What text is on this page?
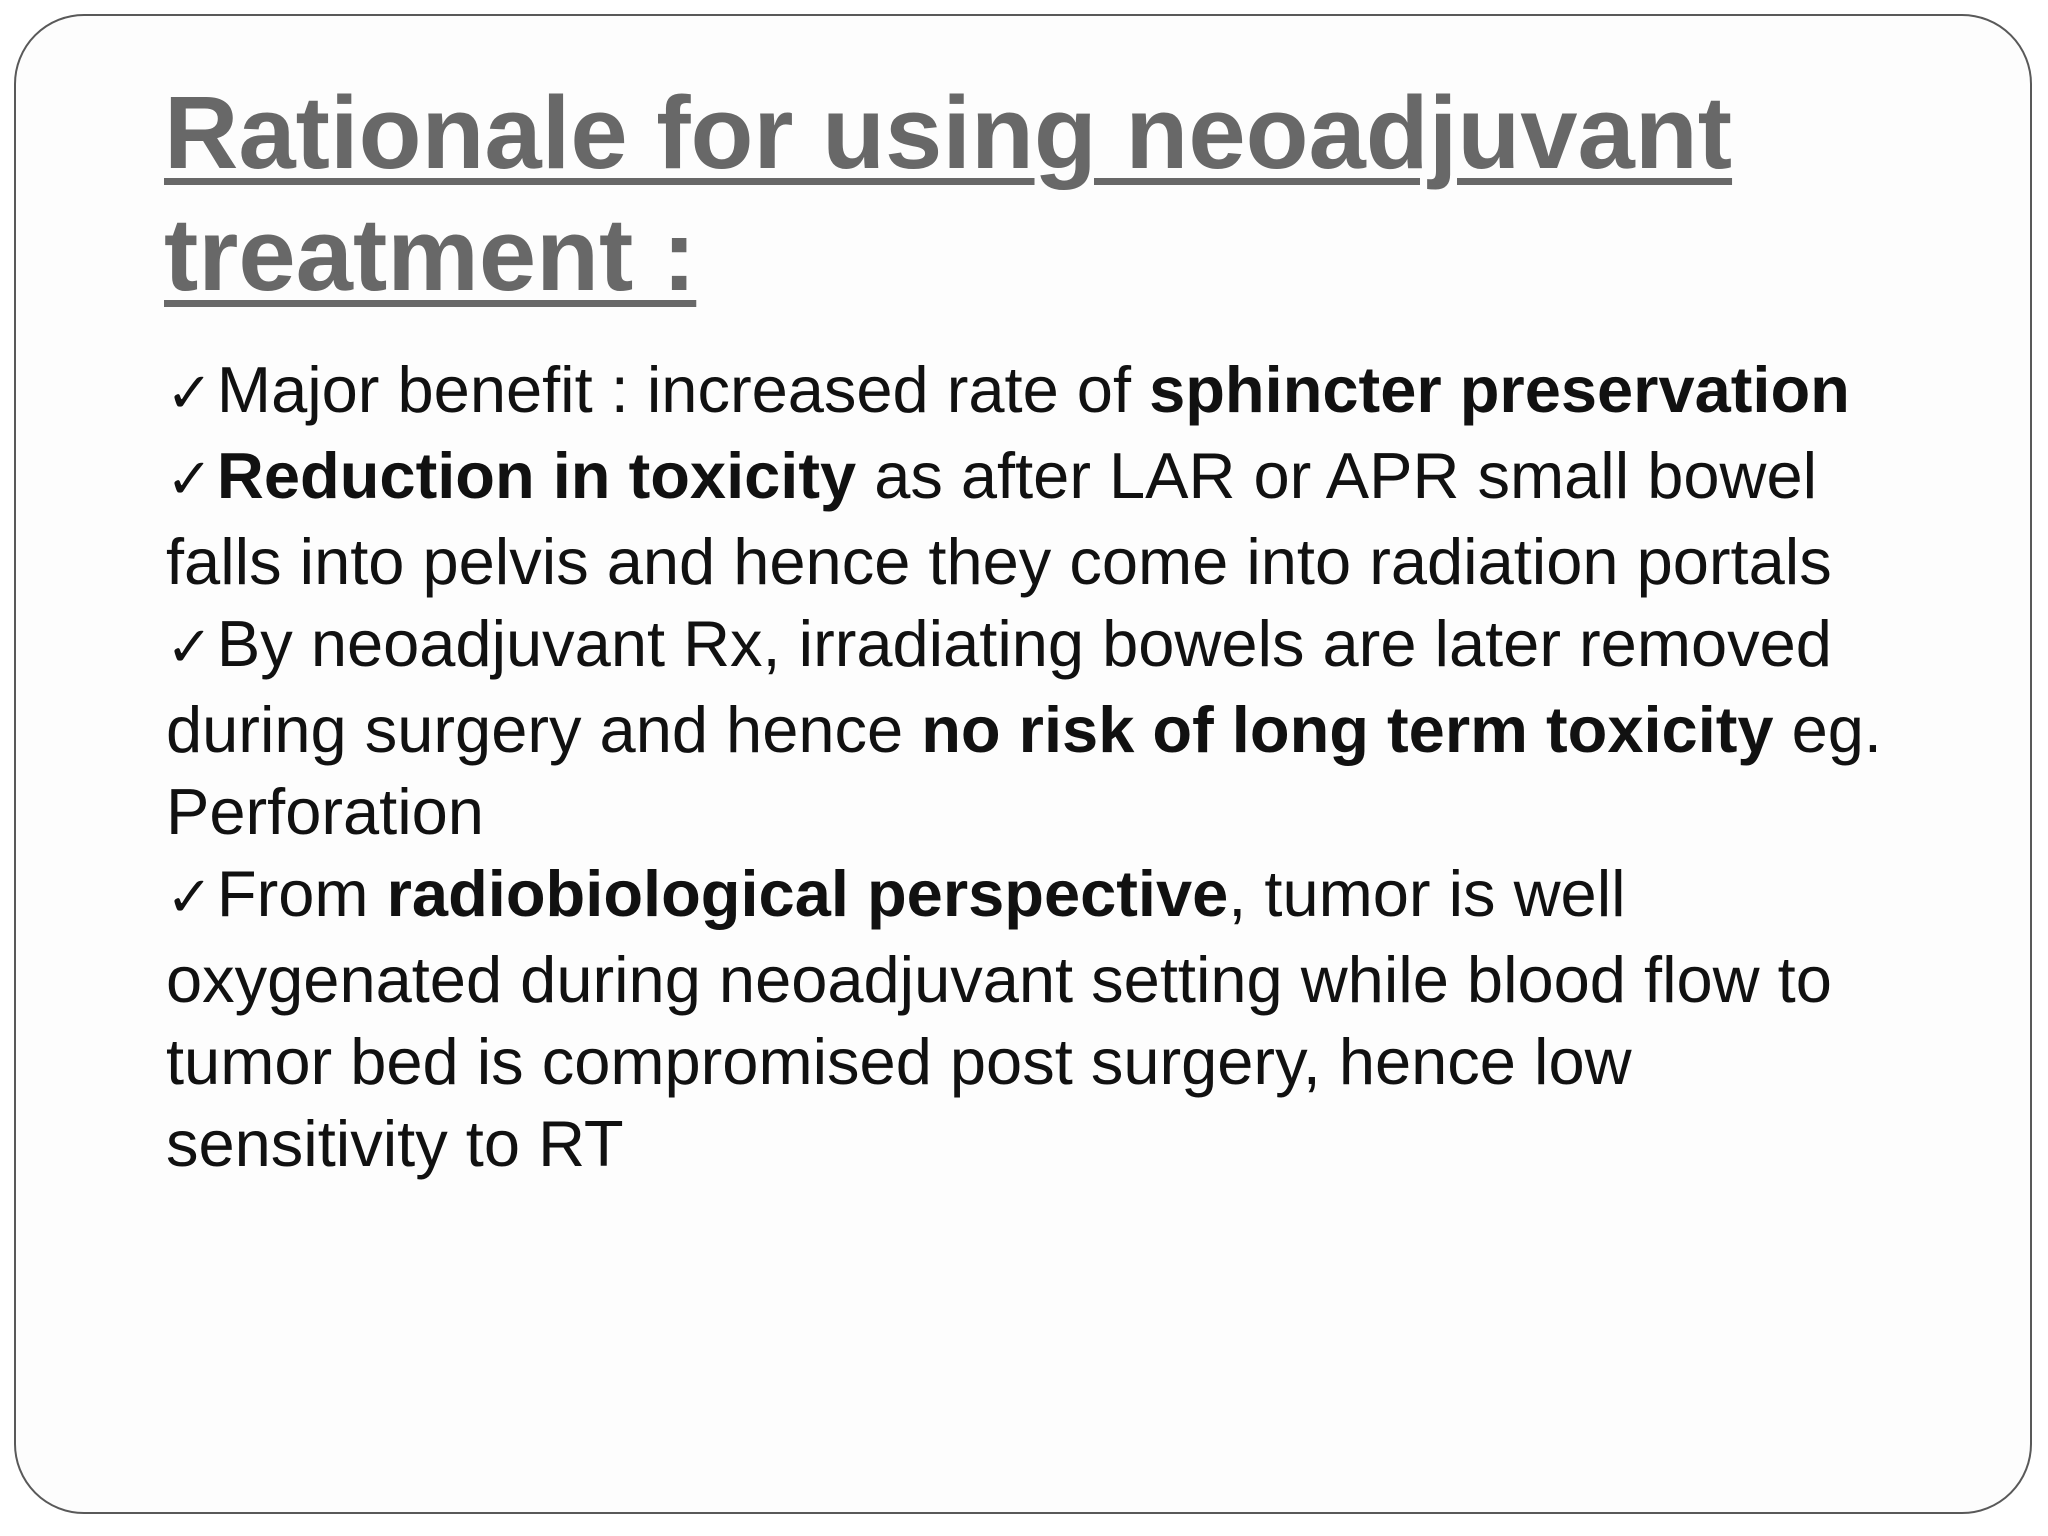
Rationale for using neoadjuvant
treatment :

✓Major benefit : increased rate of sphincter preservation

✓Reduction in toxicity as after LAR or APR small bowel falls into pelvis and hence they come into radiation portals

✓By neoadjuvant Rx, irradiating bowels are later removed during surgery and hence no risk of long term toxicity eg. Perforation

✓From radiobiological perspective, tumor is well oxygenated during neoadjuvant setting while blood flow to tumor bed is compromised post surgery, hence low sensitivity to RT
